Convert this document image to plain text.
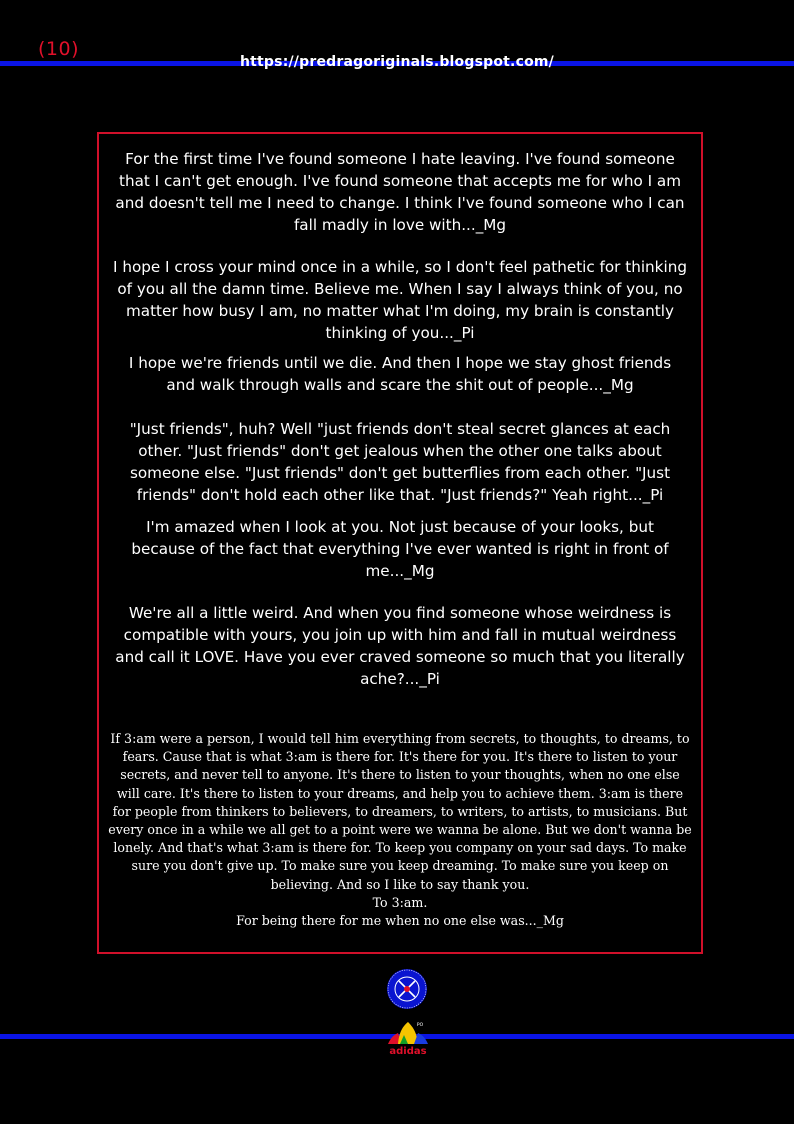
(10)
https://predragoriginals.blogspot.com/

For the first time I've found someone I hate leaving. I've found someone that I can't get enough. I've found someone that accepts me for who I am and doesn't tell me I need to change. I think I've found someone who I can fall madly in love with..._Mg

I hope I cross your mind once in a while, so I don't feel pathetic for thinking of you all the damn time. Believe me. When I say I always think of you, no matter how busy I am, no matter what I'm doing, my brain is constantly thinking of you..._Pi

I hope we're friends until we die. And then I hope we stay ghost friends and walk through walls and scare the shit out of people..._Mg

"Just friends", huh? Well "just friends don't steal secret glances at each other. "Just friends" don't get jealous when the other one talks about someone else. "Just friends" don't get butterflies from each other. "Just friends" don't hold each other like that. "Just friends?" Yeah right..._Pi

I'm amazed when I look at you. Not just because of your looks, but because of the fact that everything I've ever wanted is right in front of me..._Mg

We're all a little weird. And when you find someone whose weirdness is compatible with yours, you join up with him and fall in mutual weirdness and call it LOVE. Have you ever craved someone so much that you literally ache?..._Pi

If 3:am were a person, I would tell him everything from secrets, to thoughts, to dreams, to fears. Cause that is what 3:am is there for. It's there for you. It's there to listen to your secrets, and never tell to anyone. It's there to listen to your thoughts, when no one else will care. It's there to listen to your dreams, and help you to achieve them. 3:am is there for people from thinkers to believers, to dreamers, to writers, to artists, to musicians. But every once in a while we all get to a point were we wanna be alone. But we don't wanna be lonely. And that's what 3:am is there for. To keep you company on your sad days. To make sure you don't give up. To make sure you keep dreaming. To make sure you keep on believing. And so I like to say thank you.
To 3:am.
For being there for me when no one else was..._Mg
adidas
PO
